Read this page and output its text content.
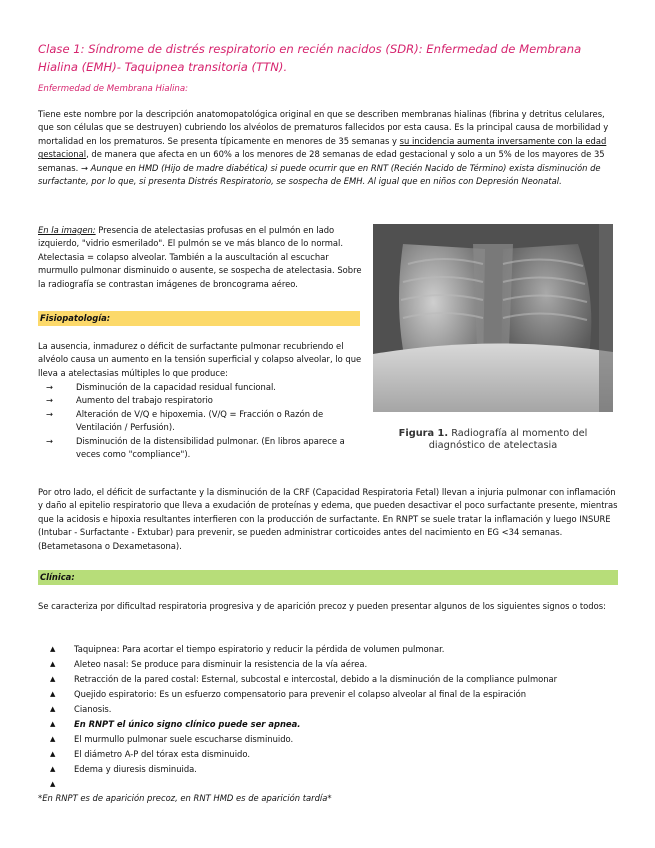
Clase 1: Síndrome de distrés respiratorio en recién nacidos (SDR): Enfermedad de Membrana Hialina (EMH)- Taquipnea transitoria (TTN).
Enfermedad de Membrana Hialina:
Tiene este nombre por la descripción anatomopatológica original en que se describen membranas hialinas (fibrina y detritus celulares, que son células que se destruyen) cubriendo los alvéolos de prematuros fallecidos por esta causa. Es la principal causa de morbilidad y mortalidad en los prematuros. Se presenta típicamente en menores de 35 semanas y su incidencia aumenta inversamente con la edad gestacional, de manera que afecta en un 60% a los menores de 28 semanas de edad gestacional y solo a un 5% de los mayores de 35 semanas. → Aunque en HMD (Hijo de madre diabética) si puede ocurrir que en RNT (Recién Nacido de Término) exista disminución de surfactante, por lo que, si presenta Distrés Respiratorio, se sospecha de EMH. Al igual que en niños con Depresión Neonatal.
En la imagen: Presencia de atelectasias profusas en el pulmón en lado izquierdo, "vidrio esmerilado". El pulmón se ve más blanco de lo normal. Atelectasia = colapso alveolar. También a la auscultación al escuchar murmullo pulmonar disminuido o ausente, se sospecha de atelectasia. Sobre la radiografía se contrastan imágenes de broncograma aéreo.
Figura 1. Radiografía al momento del diagnóstico de atelectasia
Fisiopatología:
La ausencia, inmadurez o déficit de surfactante pulmonar recubriendo el alvéolo causa un aumento en la tensión superficial y colapso alveolar, lo que lleva a atelectasias múltiples lo que produce:
→	Disminución de la capacidad residual funcional.
→	Aumento del trabajo respiratorio
→	Alteración de V/Q e hipoxemia. (V/Q = Fracción o Razón de Ventilación / Perfusión).
→	Disminución de la distensibilidad pulmonar. (En libros aparece a veces como "compliance").
Por otro lado, el déficit de surfactante y la disminución de la CRF (Capacidad Respiratoria Fetal) llevan a injuria pulmonar con inflamación y daño al epitelio respiratorio que lleva a exudación de proteínas y edema, que pueden desactivar el poco surfactante presente, mientras que la acidosis e hipoxia resultantes interfieren con la producción de surfactante. En RNPT se suele tratar la inflamación y luego INSURE (Intubar - Surfactante - Extubar) para prevenir, se pueden administrar corticoides antes del nacimiento en EG <34 semanas. (Betametasona o Dexametasona).
Clínica:
Se caracteriza por dificultad respiratoria progresiva y de aparición precoz y pueden presentar algunos de los siguientes signos o todos:
▲ Taquipnea: Para acortar el tiempo espiratorio y reducir la pérdida de volumen pulmonar.
▲ Aleteo nasal: Se produce para disminuir la resistencia de la vía aérea.
▲ Retracción de la pared costal: Esternal, subcostal e intercostal, debido a la disminución de la compliance pulmonar
▲ Quejido espiratorio: Es un esfuerzo compensatorio para prevenir el colapso alveolar al final de la espiración
▲ Cianosis.
▲ En RNPT el único signo clínico puede ser apnea.
▲ El murmullo pulmonar suele escucharse disminuido.
▲ El diámetro A-P del tórax esta disminuido.
▲ Edema y diuresis disminuida.
▲
*En RNPT es de aparición precoz, en RNT HMD es de aparición tardía*
